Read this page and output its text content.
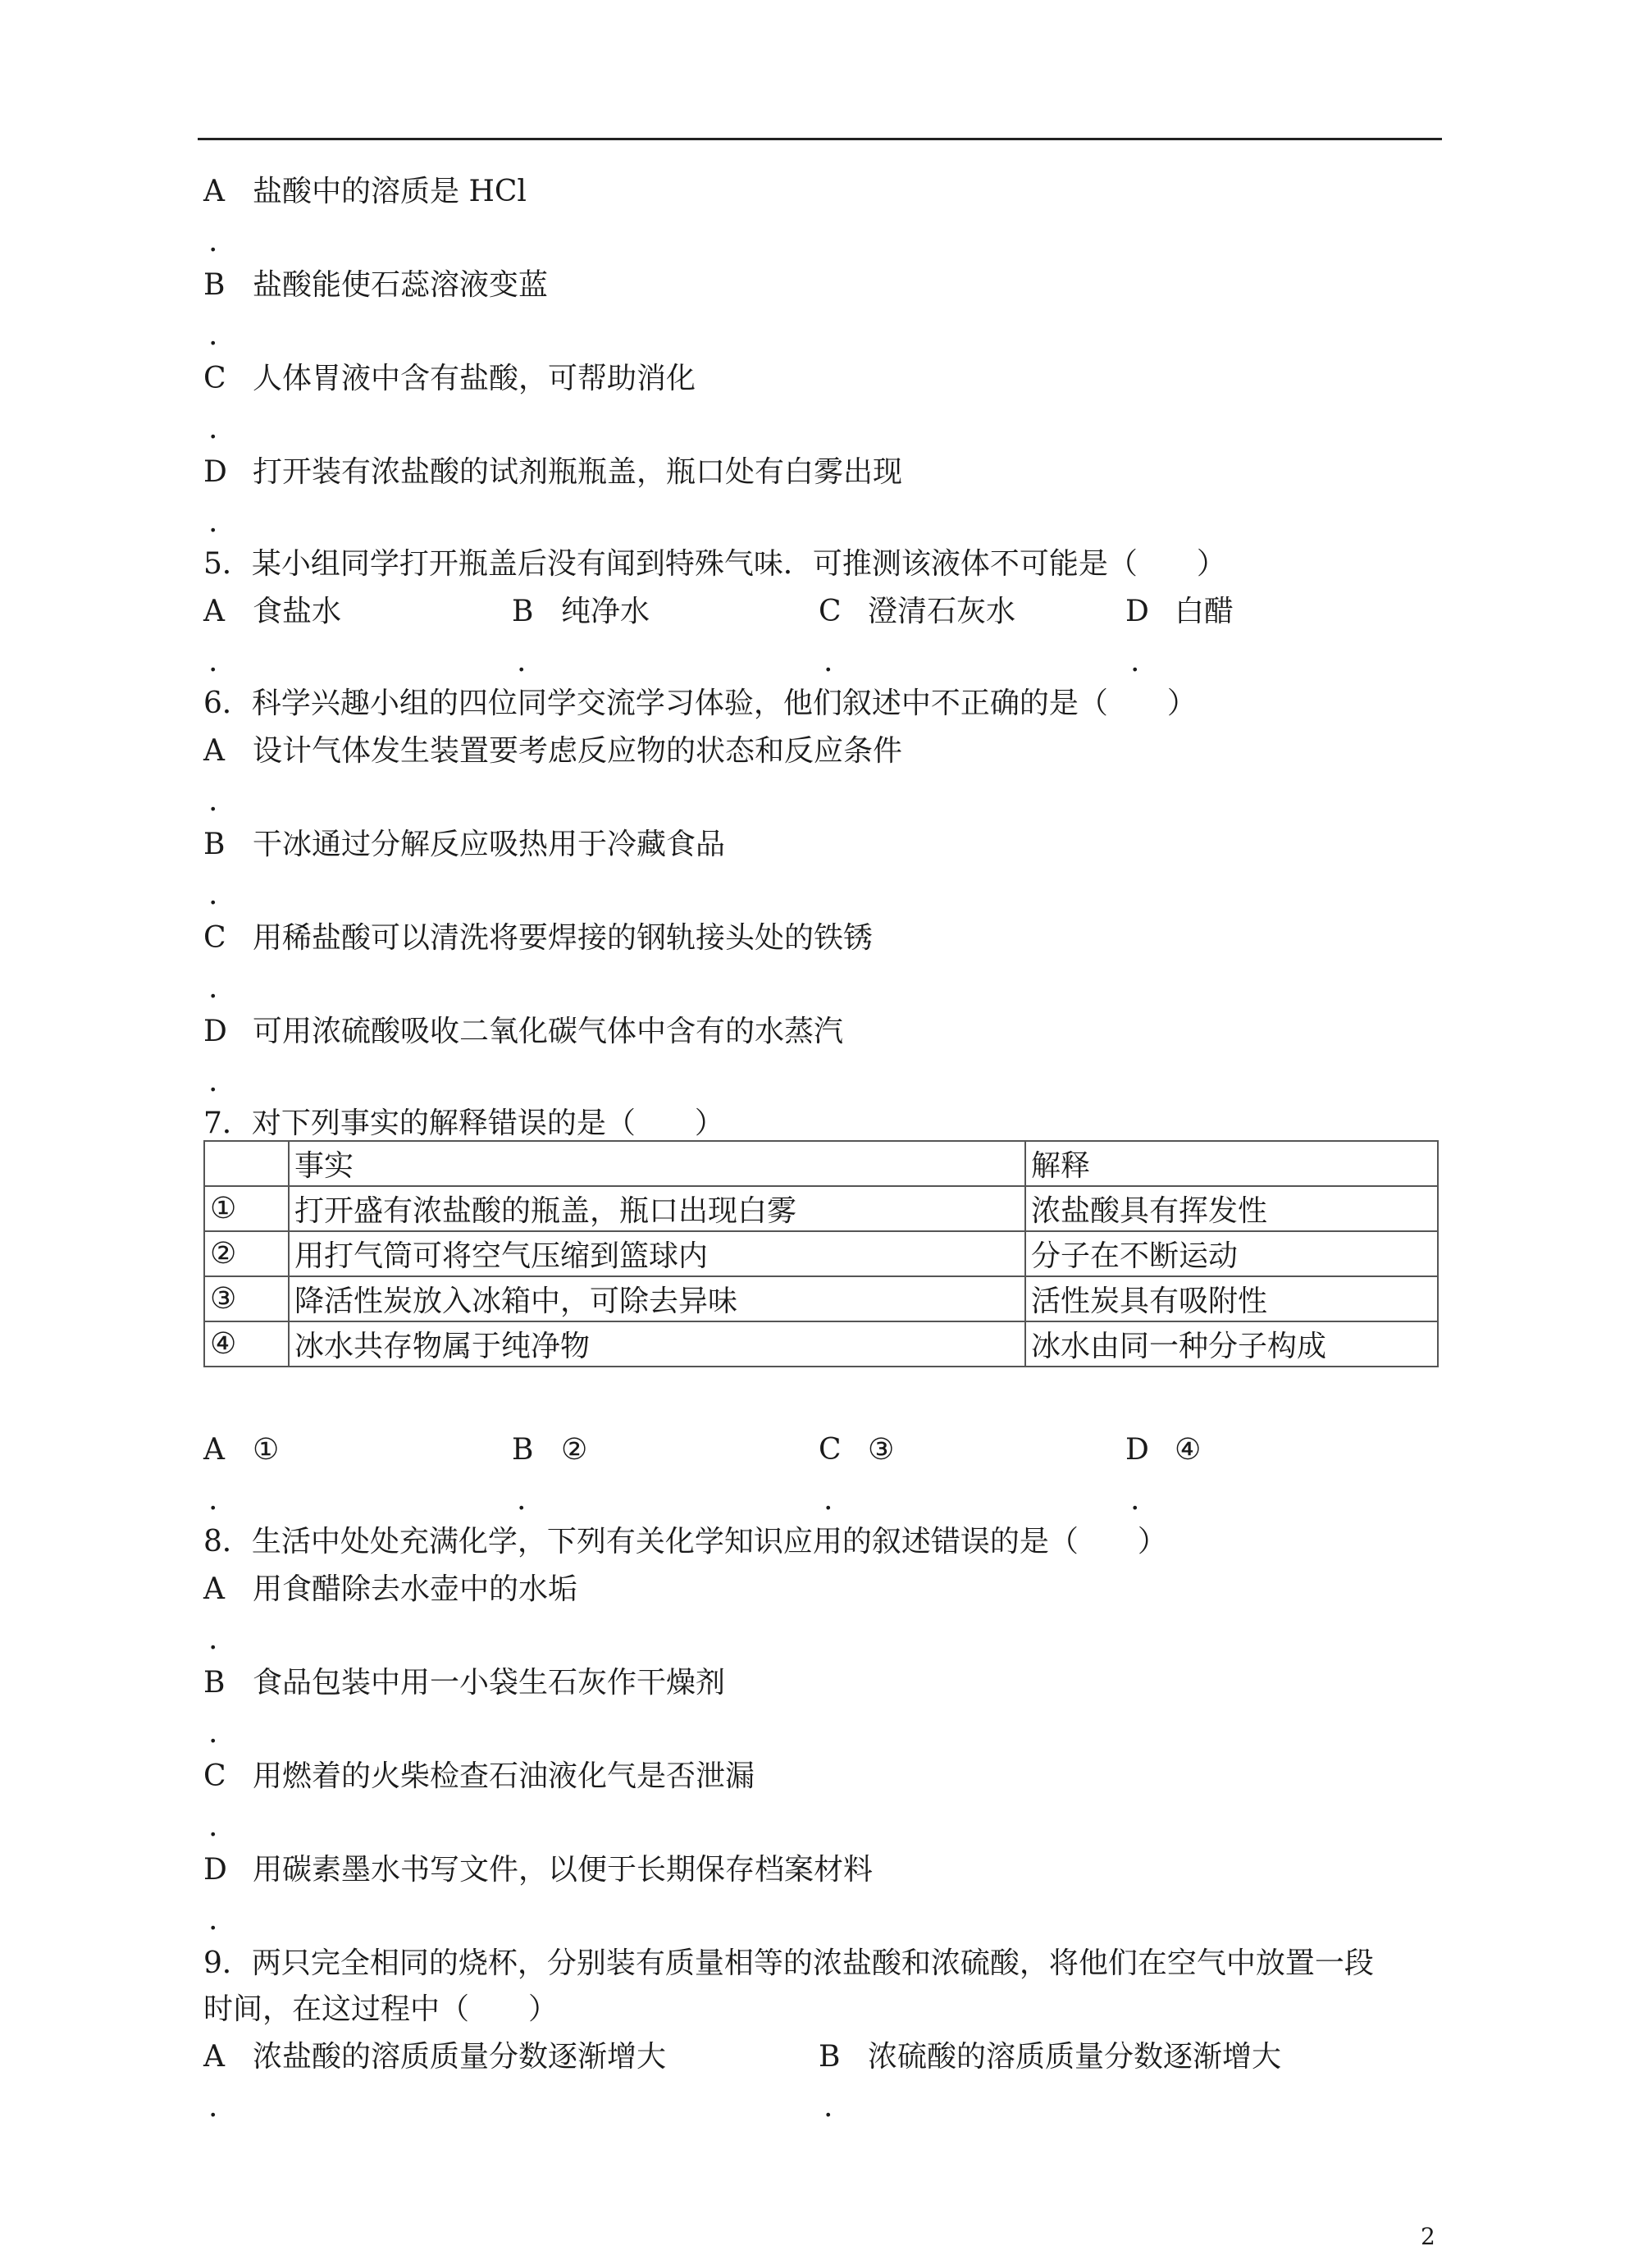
A 盐酸中的溶质是 HCl
.
B 盐酸能使石蕊溶液变蓝
.
C 人体胃液中含有盐酸，可帮助消化
.
D 打开装有浓盐酸的试剂瓶瓶盖，瓶口处有白雾出现
.
5．某小组同学打开瓶盖后没有闻到特殊气味．可推测该液体不可能是（　　）
A 食盐水	B 纯净水	C 澄清石灰水	D 白醋
.	.	.	.
6．科学兴趣小组的四位同学交流学习体验，他们叙述中不正确的是（　　）
A 设计气体发生装置要考虑反应物的状态和反应条件
.
B 干冰通过分解反应吸热用于冷藏食品
.
C 用稀盐酸可以清洗将要焊接的钢轨接头处的铁锈
.
D 可用浓硫酸吸收二氧化碳气体中含有的水蒸汽
.
7．对下列事实的解释错误的是（　　）
	事实	解释
①	打开盛有浓盐酸的瓶盖，瓶口出现白雾	浓盐酸具有挥发性
②	用打气筒可将空气压缩到篮球内	分子在不断运动
③	降活性炭放入冰箱中，可除去异味	活性炭具有吸附性
④	冰水共存物属于纯净物	冰水由同一种分子构成
A ①	B ②	C ③	D ④
.	.	.	.
8．生活中处处充满化学，下列有关化学知识应用的叙述错误的是（　　）
A 用食醋除去水壶中的水垢
.
B 食品包装中用一小袋生石灰作干燥剂
.
C 用燃着的火柴检查石油液化气是否泄漏
.
D 用碳素墨水书写文件，以便于长期保存档案材料
.
9．两只完全相同的烧杯，分别装有质量相等的浓盐酸和浓硫酸，将他们在空气中放置一段
时间，在这过程中（　　）
A 浓盐酸的溶质质量分数逐渐增大	B 浓硫酸的溶质质量分数逐渐增大
.	.
2
